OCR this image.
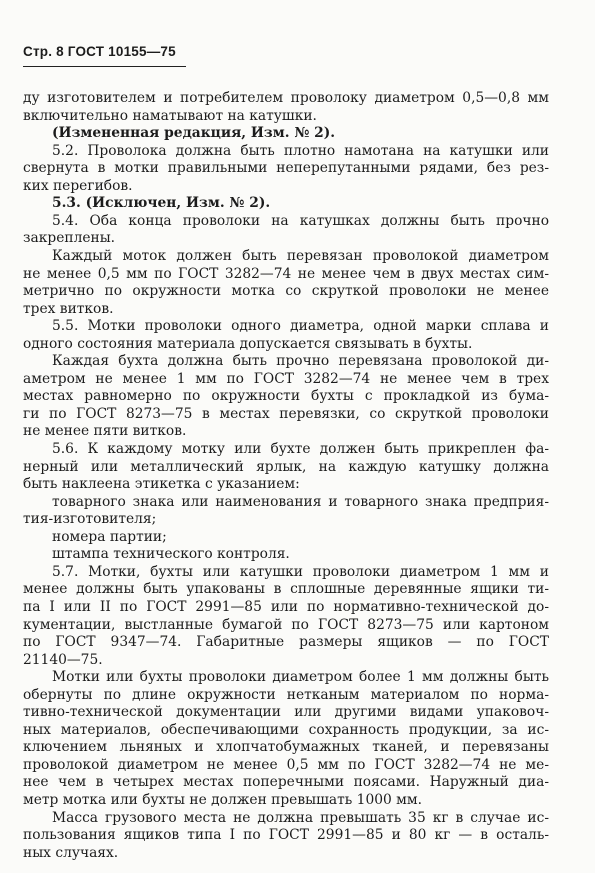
Стр. 8 ГОСТ 10155—75
ду изготовителем и потребителем проволоку диаметром 0,5—0,8 мм
включительно наматывают на катушки.
(Измененная редакция, Изм. № 2).
5.2. Проволока должна быть плотно намотана на катушки или
свернута в мотки правильными неперепутанными рядами, без рез-
ких перегибов.
5.3. (Исключен, Изм. № 2).
5.4. Оба конца проволоки на катушках должны быть прочно
закреплены.
Каждый моток должен быть перевязан проволокой диаметром
не менее 0,5 мм по ГОСТ 3282—74 не менее чем в двух местах сим-
метрично по окружности мотка со скруткой проволоки не менее
трех витков.
5.5. Мотки проволоки одного диаметра, одной марки сплава и
одного состояния материала допускается связывать в бухты.
Каждая бухта должна быть прочно перевязана проволокой ди-
аметром не менее 1 мм по ГОСТ 3282—74 не менее чем в трех
местах равномерно по окружности бухты с прокладкой из бума-
ги по ГОСТ 8273—75 в местах перевязки, со скруткой проволоки
не менее пяти витков.
5.6. К каждому мотку или бухте должен быть прикреплен фа-
нерный или металлический ярлык, на каждую катушку должна
быть наклеена этикетка с указанием:
товарного знака или наименования и товарного знака предприя-
тия-изготовителя;
номера партии;
штампа технического контроля.
5.7. Мотки, бухты или катушки проволоки диаметром 1 мм и
менее должны быть упакованы в сплошные деревянные ящики ти-
па I или II по ГОСТ 2991—85 или по нормативно-технической до-
кументации, выстланные бумагой по ГОСТ 8273—75 или картоном
по ГОСТ 9347—74. Габаритные размеры ящиков — по ГОСТ
21140—75.
Мотки или бухты проволоки диаметром более 1 мм должны быть
обернуты по длине окружности нетканым материалом по норма-
тивно-технической документации или другими видами упаковоч-
ных материалов, обеспечивающими сохранность продукции, за ис-
ключением льняных и хлопчатобумажных тканей, и перевязаны
проволокой диаметром не менее 0,5 мм по ГОСТ 3282—74 не ме-
нее чем в четырех местах поперечными поясами. Наружный диа-
метр мотка или бухты не должен превышать 1000 мм.
Масса грузового места не должна превышать 35 кг в случае ис-
пользования ящиков типа I по ГОСТ 2991—85 и 80 кг — в осталь-
ных случаях.
